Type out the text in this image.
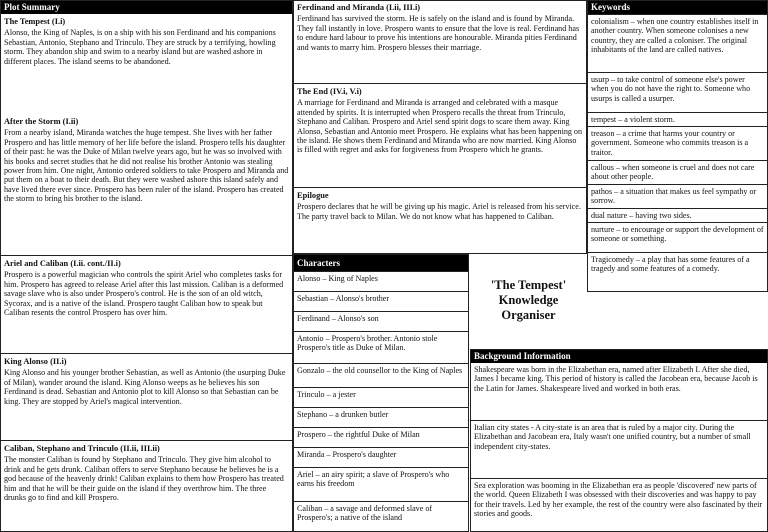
Plot Summary
The Tempest (I.i)
Alonso, the King of Naples, is on a ship with his son Ferdinand and his companions Sebastian, Antonio, Stephano and Trinculo. They are struck by a terrifying, howling storm. They abandon ship and swim to a nearby island but are washed ashore in different places. The island seems to be abandoned.
After the Storm (I.ii)
From a nearby island, Miranda watches the huge tempest. She lives with her father Prospero and has little memory of her life before the island. Prospero tells his daughter of their past: he was the Duke of Milan twelve years ago, but he was so involved with his books and secret studies that he did not realise his brother Antonio was stealing power from him. One night, Antonio ordered soldiers to take Prospero and Miranda and put them on a boat to their death. But they were washed ashore this island safely and have lived there ever since. Prospero has been ruler of the island. Prospero has created the storm to bring his brother to the island.
Ariel and Caliban (I.ii. cont./II.i)
Prospero is a powerful magician who controls the spirit Ariel who completes tasks for him. Prospero has agreed to release Ariel after this last mission. Caliban is a deformed savage slave who is also under Prospero's control. He is the son of an old witch, Sycorax, and is a native of the island. Prospero taught Caliban how to speak but Caliban resents the control Prospero has over him.
King Alonso (II.i)
King Alonso and his younger brother Sebastian, as well as Antonio (the usurping Duke of Milan), wander around the island. King Alonso weeps as he believes his son Ferdinand is dead. Sebastian and Antonio plot to kill Alonso so that Sebastian can be king. They are stopped by Ariel's magical intervention.
Caliban, Stephano and Trinculo (II.ii, III.ii)
The monster Caliban is found by Stephano and Trinculo. They give him alcohol to drink and he gets drunk. Caliban offers to serve Stephano because he believes he is a god because of the heavenly drink! Caliban explains to them how Prospero has treated him and that he will be their guide on the island if they overthrow him. The three drunks go to find and kill Prospero.
Ferdinand and Miranda (I.ii, III.i)
Ferdinand has survived the storm. He is safely on the island and is found by Miranda. They fall instantly in love. Prospero wants to ensure that the love is real. Ferdinand has to endure hard labour to prove his intentions are honourable. Miranda pities Ferdinand and wants to marry him. Prospero blesses their marriage.
The End (IV.i, V.i)
A marriage for Ferdinand and Miranda is arranged and celebrated with a masque attended by spirits. It is interrupted when Prospero recalls the threat from Trinculo, Stephano and Caliban. Prospero and Ariel send spirit dogs to scare them away. King Alonso, Sebastian and Antonio meet Prospero. He explains what has been happening on the island. He shows them Ferdinand and Miranda who are now married. King Alonso is filled with regret and asks for forgiveness from Prospero which he grants.
Epilogue
Prospero declares that he will be giving up his magic. Ariel is released from his service. The party travel back to Milan. We do not know what has happened to Caliban.
Characters
Alonso – King of Naples
Sebastian – Alonso's brother
Ferdinand – Alonso's son
Antonio – Prospero's brother. Antonio stole Prospero's title as Duke of Milan.
Gonzalo – the old counsellor to the King of Naples
Trinculo – a jester
Stephano – a drunken butler
Prospero – the rightful Duke of Milan
Miranda – Prospero's daughter
Ariel – an airy spirit; a slave of Prospero's who earns his freedom
Caliban – a savage and deformed slave of Prospero's; a native of the island
'The Tempest'
Knowledge
Organiser
Keywords
colonialism – when one country establishes itself in another country. When someone colonises a new country, they are called a coloniser. The original inhabitants of the land are called natives.
usurp – to take control of someone else's power when you do not have the right to. Someone who usurps is called a usurper.
tempest – a violent storm.
treason – a crime that harms your country or government. Someone who commits treason is a traitor.
callous – when someone is cruel and does not care about other people.
pathos – a situation that makes us feel sympathy or sorrow.
dual nature – having two sides.
nurture – to encourage or support the development of someone or something.
Tragicomedy – a play that has some features of a tragedy and some features of a comedy.
Background Information
Shakespeare was born in the Elizabethan era, named after Elizabeth I. After she died, James I became king. This period of history is called the Jacobean era, because Jacob is the Latin for James. Shakespeare lived and worked in both eras.
Italian city states - A city-state is an area that is ruled by a major city. During the Elizabethan and Jacobean era, Italy wasn't one unified country, but a number of small independent city-states.
Sea exploration was booming in the Elizabethan era as people 'discovered' new parts of the world. Queen Elizabeth I was obsessed with their discoveries and was happy to pay for their travels. Led by her example, the rest of the country were also fascinated by their stories and goods.
